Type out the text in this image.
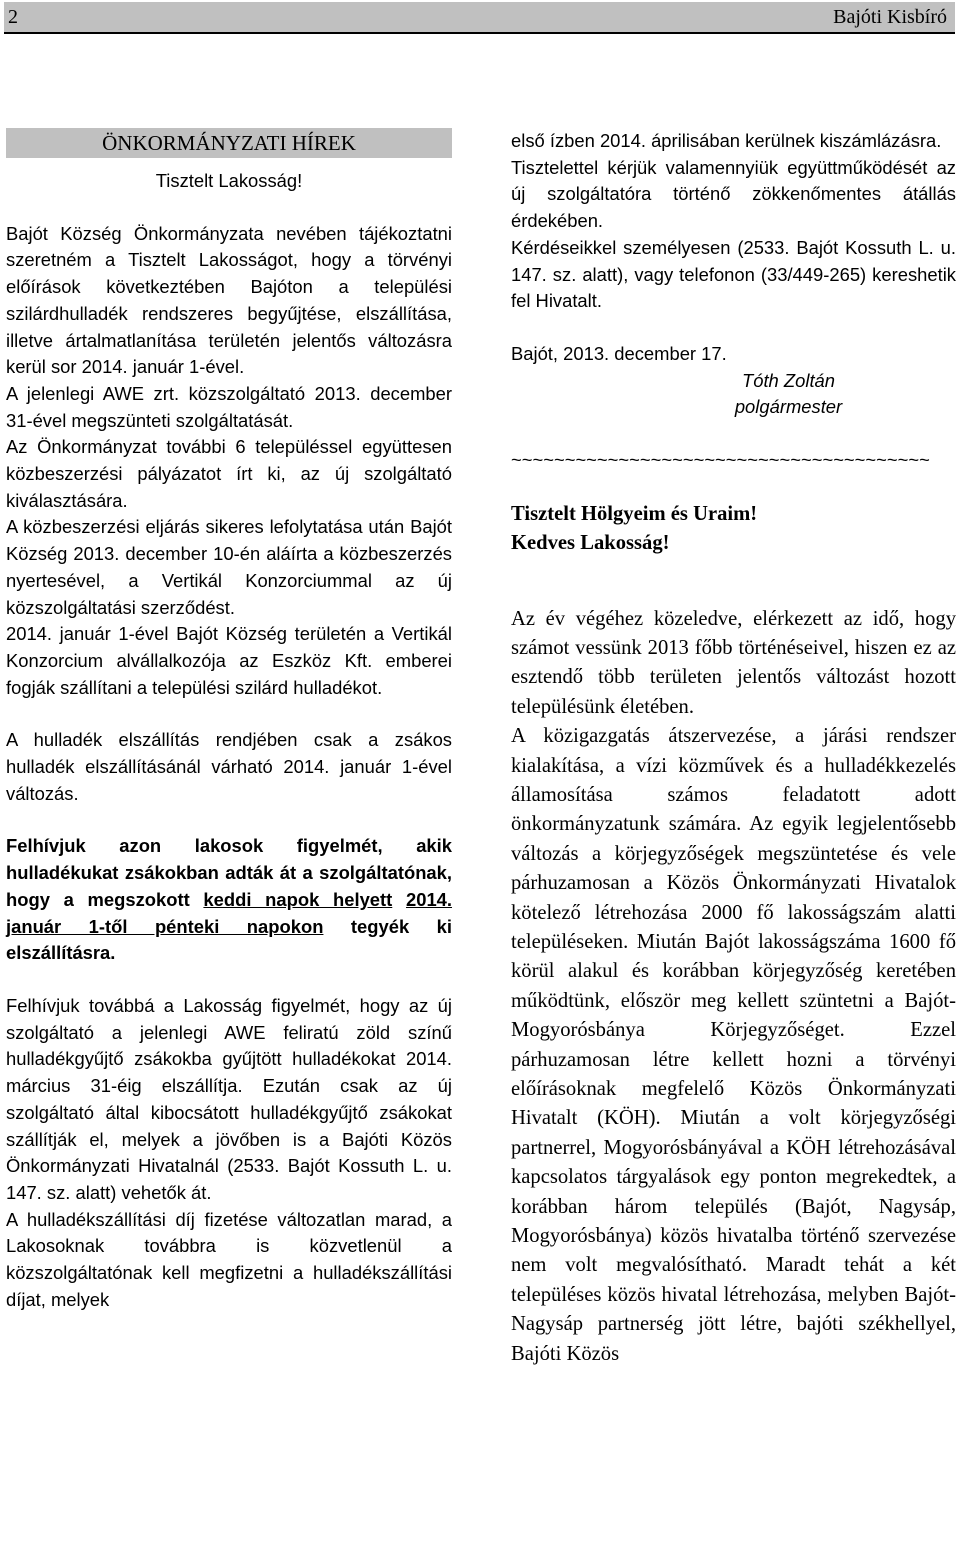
2	Bajóti Kisbíró
ÖNKORMÁNYZATI HÍREK
Tisztelt Lakosság!

Bajót Község Önkormányzata nevében tájékoztatni szeretném a Tisztelt Lakosságot, hogy a törvényi előírások következtében Bajóton a települési szilárdhulladék rendszeres begyűjtése, elszállítása, illetve ártalmatlanítása területén jelentős változásra kerül sor 2014. január 1-ével.

A jelenlegi AWE zrt. közszolgáltató 2013. december 31-ével megszünteti szolgáltatását.

Az Önkormányzat további 6 településsel együttesen közbeszerzési pályázatot írt ki, az új szolgáltató kiválasztására.

A közbeszerzési eljárás sikeres lefolytatása után Bajót Község 2013. december 10-én aláírta a közbeszerzés nyertesével, a Vertikál Konzorciummal az új közszolgáltatási szerződést.

2014. január 1-ével Bajót Község területén a Vertikál Konzorcium alvállalkozója az Eszköz Kft. emberei fogják szállítani a települési szilárd hulladékot.

A hulladék elszállítás rendjében csak a zsákos hulladék elszállításánál várható 2014. január 1-ével változás.

Felhívjuk azon lakosok figyelmét, akik hulladékukat zsákokban adták át a szolgáltatónak, hogy a megszokott keddi napok helyett 2014. január 1-től pénteki napokon tegyék ki elszállításra.

Felhívjuk továbbá a Lakosság figyelmét, hogy az új szolgáltató a jelenlegi AWE feliratú zöld színű hulladékgyűjtő zsákokba gyűjtött hulladékokat 2014. március 31-éig elszállítja. Ezután csak az új szolgáltató által kibocsátott hulladékgyűjtő zsákokat szállítják el, melyek a jövőben is a Bajóti Közös Önkormányzati Hivatalnál (2533. Bajót Kossuth L. u. 147. sz. alatt) vehetők át.

A hulladékszállítási díj fizetése változatlan marad, a Lakosoknak továbbra is közvetlenül a közszolgáltatónak kell megfizetni a hulladékszállítási díjat, melyek

első ízben 2014. áprilisában kerülnek kiszámlázásra.

Tisztelettel kérjük valamennyiük együttműködését az új szolgáltatóra történő zökkenőmentes átállás érdekében.

Kérdéseikkel személyesen (2533. Bajót Kossuth L. u. 147. sz. alatt), vagy telefonon (33/449-265) kereshetik fel Hivatalt.

Bajót, 2013. december 17.
Tóth Zoltán
polgármester
~~~~~~~~~~~~~~~~~~~~~~~~~~~~~~~~~~~~~~~
Tisztelt Hölgyeim és Uraim!
Kedves Lakosság!

Az év végéhez közeledve, elérkezett az idő, hogy számot vessünk 2013 főbb történéseivel, hiszen ez az esztendő több területen jelentős változást hozott településünk életében.

A közigazgatás átszervezése, a járási rendszer kialakítása, a vízi közművek és a hulladékkezelés államosítása számos feladatott adott önkormányzatunk számára. Az egyik legjelentősebb változás a körjegyzőségek megszüntetése és vele párhuzamosan a Közös Önkormányzati Hivatalok kötelező létrehozása 2000 fő lakosságszám alatti településeken. Miután Bajót lakosságszáma 1600 fő körül alakul és korábban körjegyzőség keretében működtünk, először meg kellett szüntetni a Bajót-Mogyorósbánya Körjegyzőséget. Ezzel párhuzamosan létre kellett hozni a törvényi előírásoknak megfelelő Közös Önkormányzati Hivatalt (KÖH). Miután a volt körjegyzőségi partnerrel, Mogyorósbányával a KÖH létrehozásával kapcsolatos tárgyalások egy ponton megrekedtek, a korábban három település (Bajót, Nagysáp, Mogyorósbánya) közös hivatalba történő szervezése nem volt megvalósítható. Maradt tehát a két településes közös hivatal létrehozása, melyben Bajót-Nagysáp partnerség jött létre, bajóti székhellyel, Bajóti Közös
